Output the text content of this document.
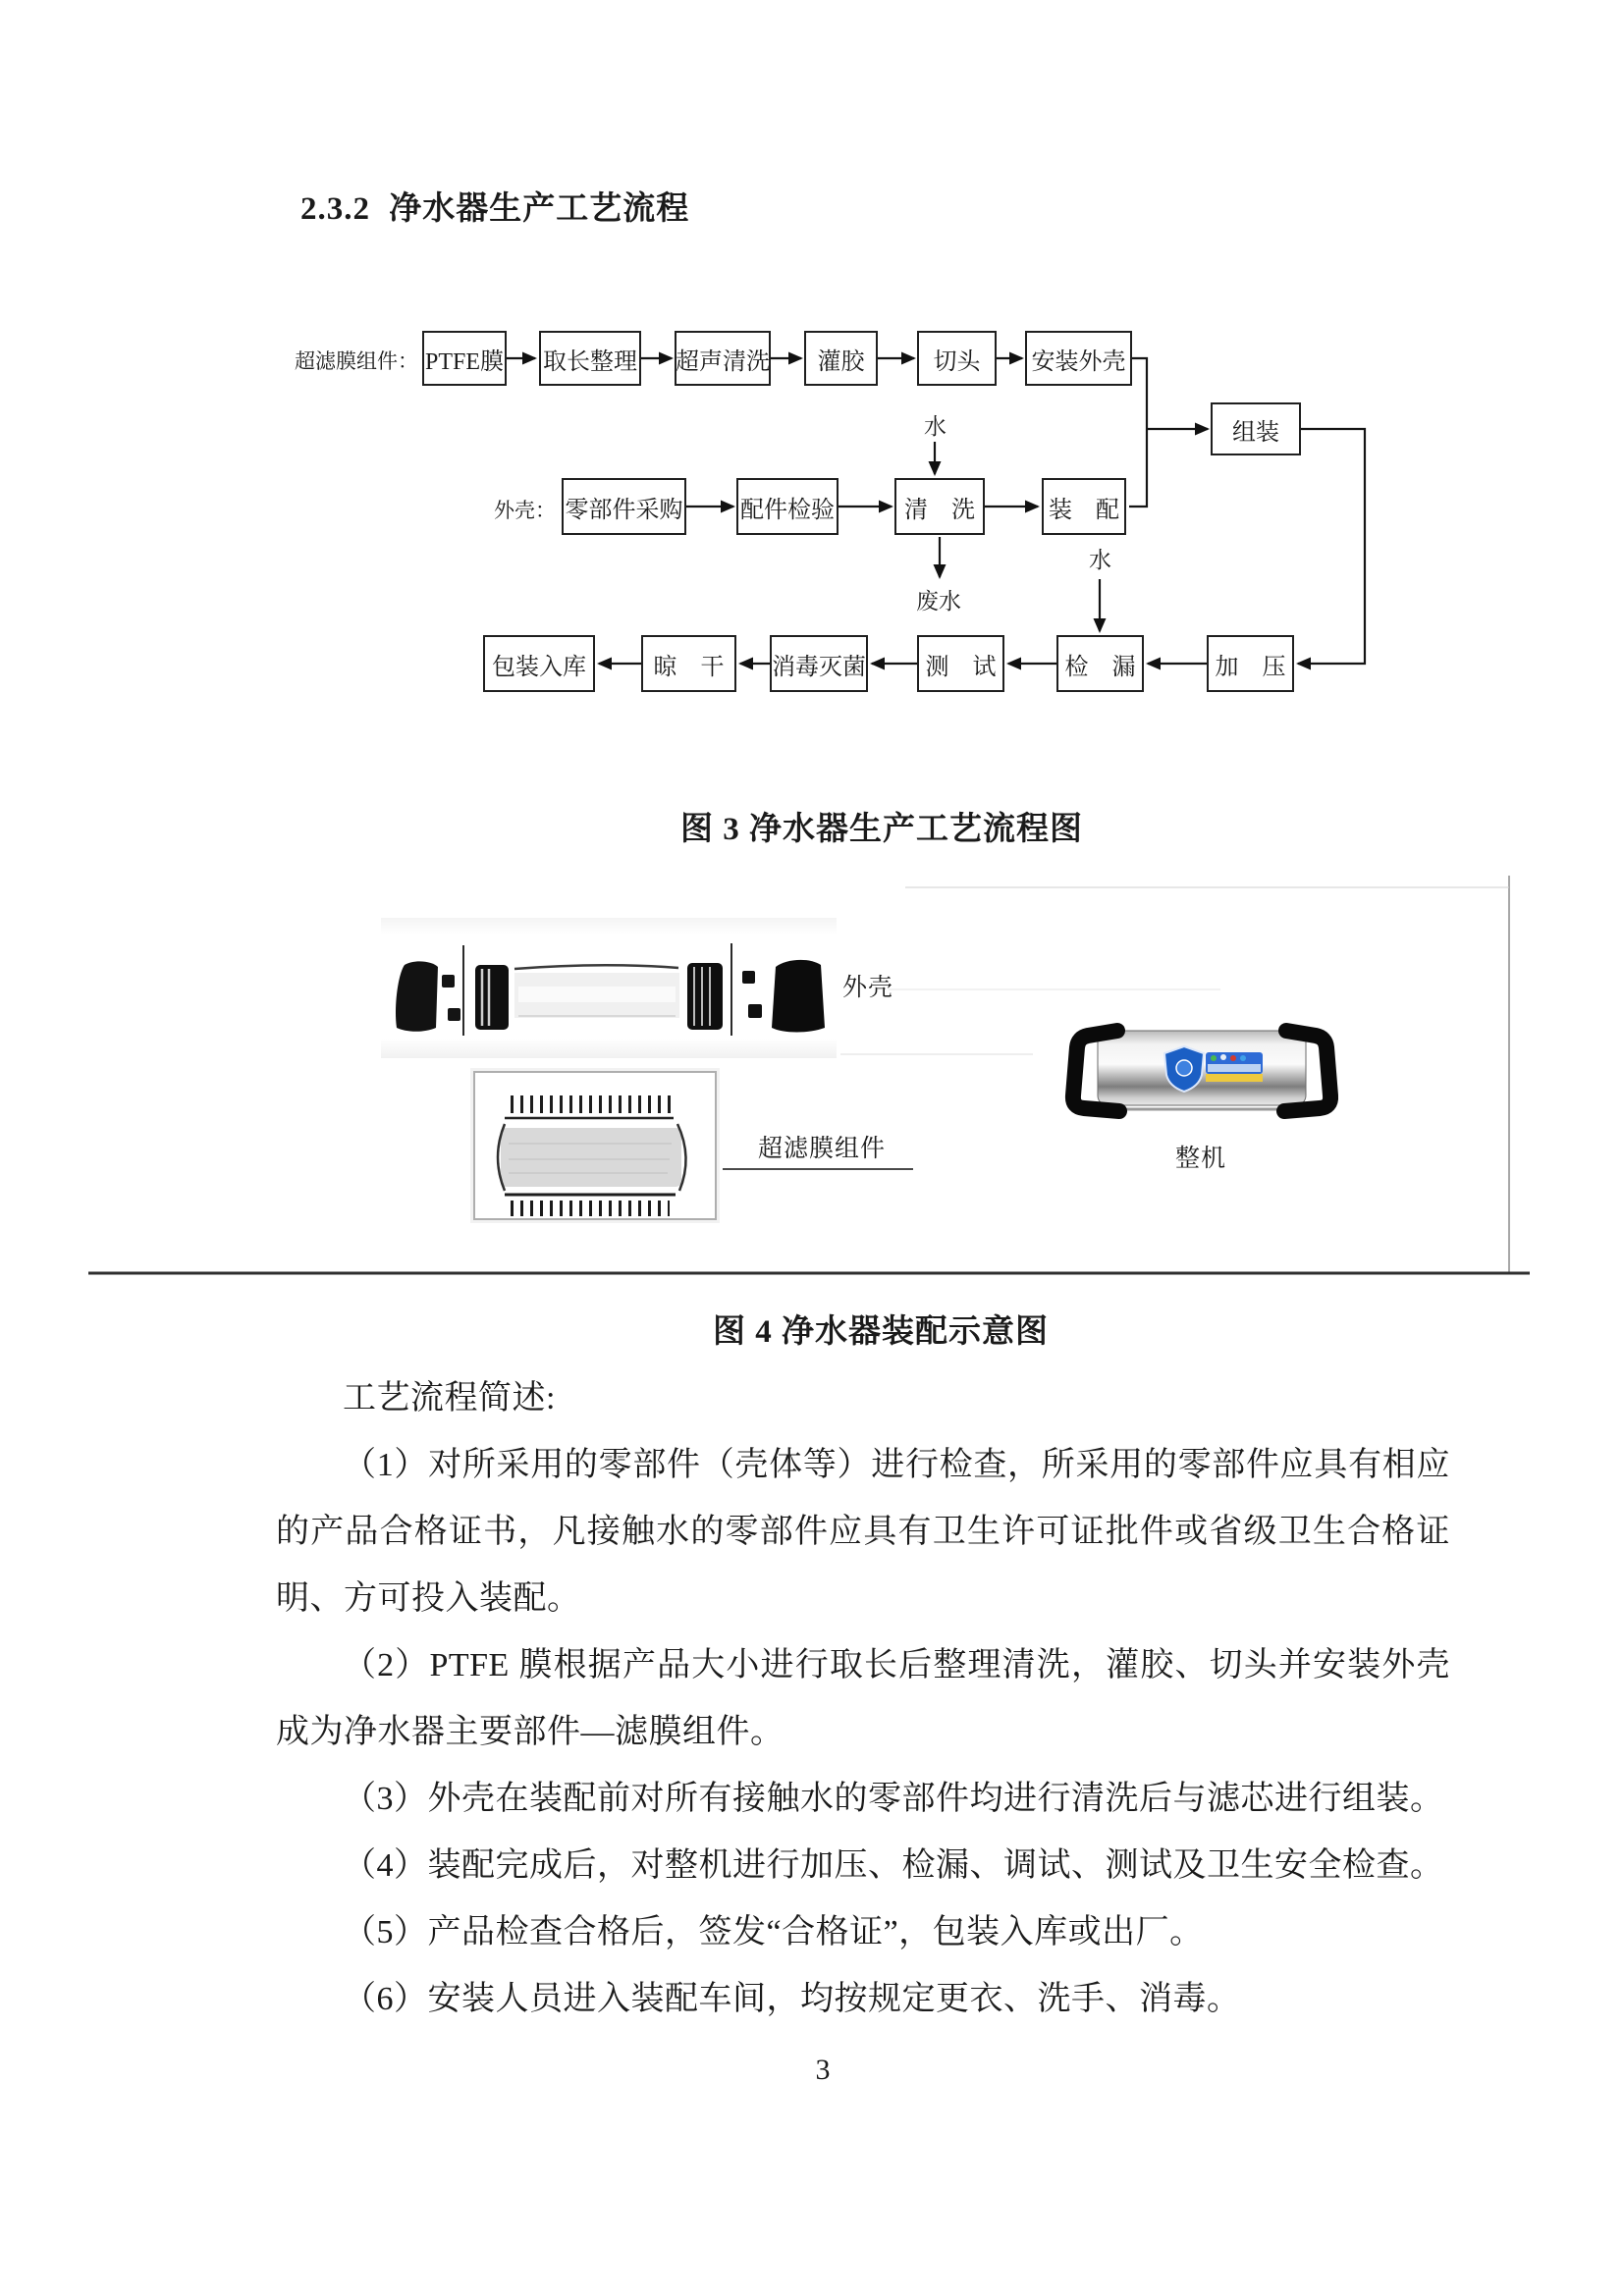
2.3.2 净水器生产工艺流程
超滤膜组件：
外壳：
PTFE膜 取长整理 超声清洗	灌胶	切头	安装外壳
组装
零部件采购 配件检验	清　洗	装　配
包装入库	晾　干	消毒灭菌	测　试	检　漏	加　压
水
废水
水
图 3 净水器生产工艺流程图
外壳
超滤膜组件	整机
图 4 净水器装配示意图

工艺流程简述:

（1）对所采用的零部件（壳体等）进行检查，所采用的零部件应具有相应的产品合格证书，凡接触水的零部件应具有卫生许可证批件或省级卫生合格证明、方可投入装配。

（2）PTFE 膜根据产品大小进行取长后整理清洗，灌胶、切头并安装外壳成为净水器主要部件—滤膜组件。

（3）外壳在装配前对所有接触水的零部件均进行清洗后与滤芯进行组装。

（4）装配完成后，对整机进行加压、检漏、调试、测试及卫生安全检查。

（5）产品检查合格后，签发“合格证”，包装入库或出厂。

（6）安装人员进入装配车间，均按规定更衣、洗手、消毒。

3
